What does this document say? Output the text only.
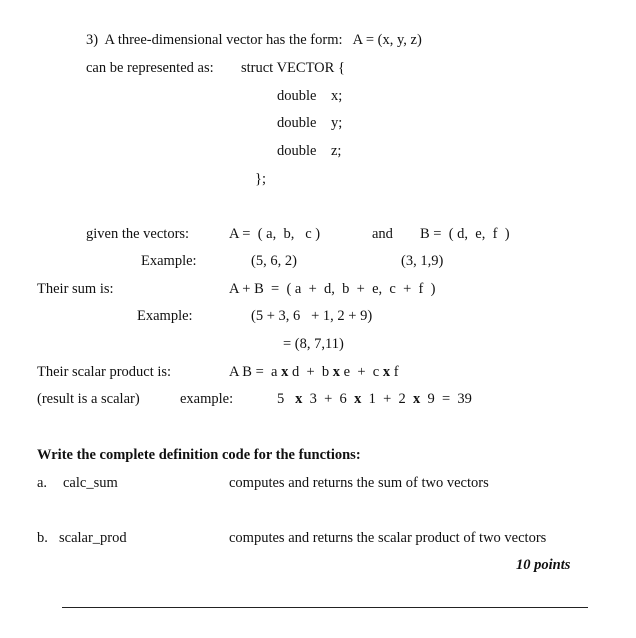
3)  A three-dimensional vector has the form:   A = (x, y, z)
can be represented as: struct VECTOR {
double    x;
double    y;
double    z;
};
given the vectors:	A =  ( a,  b,   c )	and B =  ( d,  e,  f  )
Example:	(5, 6, 2)	(3, 1,9)
Their sum is:	A + B  =  ( a  +  d,  b  +  e,  c  +  f  )
Example:	(5 + 3, 6   + 1, 2 + 9)
= (8, 7,11)
Their scalar product is:	A B =  a x d  +  b x e  +  c x f
(result is a scalar)	example:	5   x  3  +  6  x  1  +  2  x  9  =  39
Write the complete definition code for the functions:
a. calc_sum	computes and returns the sum of two vectors
b. scalar_prod	computes and returns the scalar product of two vectors
10 points
